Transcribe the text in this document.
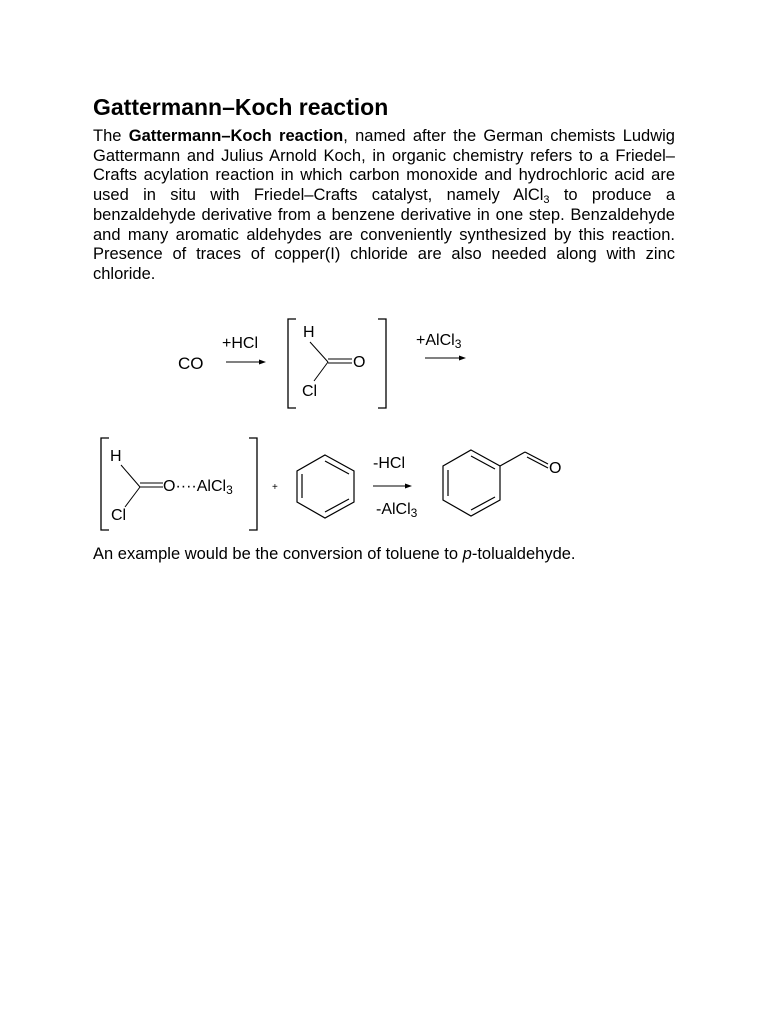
Gattermann–Koch reaction

The Gattermann–Koch reaction, named after the German chemists Ludwig Gattermann and Julius Arnold Koch, in organic chemistry refers to a Friedel–Crafts acylation reaction in which carbon monoxide and hydrochloric acid are used in situ with Friedel–Crafts catalyst, namely AlCl$_3$ to produce a benzaldehyde derivative from a benzene derivative in one step. Benzaldehyde and many aromatic aldehydes are conveniently synthesized by this reaction. Presence of traces of copper(I) chloride are also needed along with zinc chloride.

CO
+HCl
H
O
Cl
+AlCl3
H
O····AlCl3
Cl
+
-HCl
-AlCl3
O

An example would be the conversion of toluene to p-tolualdehyde.
